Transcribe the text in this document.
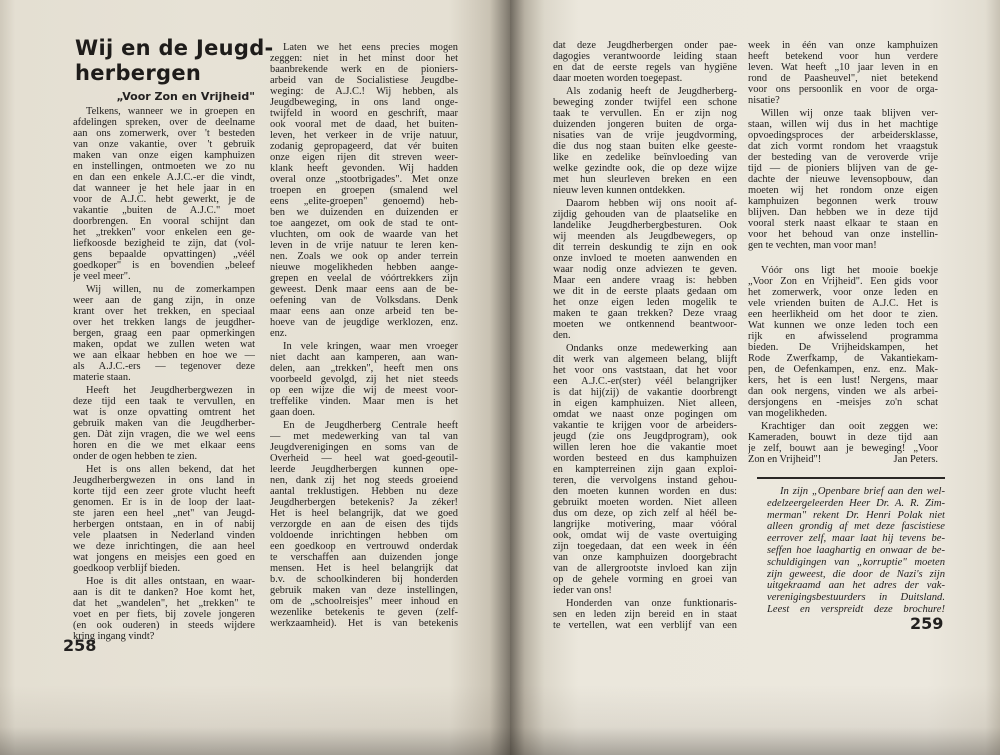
Wij en de Jeugd-
herbergen
„Voor Zon en Vrijheid"
Telkens, wanneer we in groepen en
afdelingen spreken, over de deelname
aan ons zomerwerk, over 't besteden
van onze vakantie, over 't gebruik
maken van onze eigen kamphuizen
en instellingen, ontmoeten we zo nu
en dan een enkele A.J.C.-er die vindt,
dat wanneer je het hele jaar in en
voor de A.J.C. hebt gewerkt, je de
vakantie „buiten de A.J.C." moet
doorbrengen. En vooral schijnt dan
het „trekken" voor enkelen een ge-
liefkoosde bezigheid te zijn, dat (vol-
gens bepaalde opvattingen) „véél
goedkoper" is en bovendien „beleef
je veel meer".
Wij willen, nu de zomerkampen
weer aan de gang zijn, in onze
krant over het trekken, en speciaal
over het trekken langs de jeugdher-
bergen, graag een paar opmerkingen
maken, opdat we zullen weten wat
we aan elkaar hebben en hoe we —
als A.J.C.-ers — tegenover deze
materie staan.
Heeft het Jeugdherbergwezen in
deze tijd een taak te vervullen, en
wat is onze opvatting omtrent het
gebruik maken van die Jeugdherber-
gen. Dàt zijn vragen, die we wel eens
horen en die we met elkaar eens
onder de ogen hebben te zien.
Het is ons allen bekend, dat het
Jeugdherbergwezen in ons land in
korte tijd een zeer grote vlucht heeft
genomen. Er is in de loop der laat-
ste jaren een heel „net" van Jeugd-
herbergen ontstaan, en in of nabij
vele plaatsen in Nederland vinden
we deze inrichtingen, die aan heel
wat jongens en meisjes een goed en
goedkoop verblijf bieden.
Hoe is dit alles ontstaan, en waar-
aan is dit te danken? Hoe komt het,
dat het „wandelen", het „trekken" te
voet en per fiets, bij zovele jongeren
(en ook ouderen) in steeds wijdere
kring ingang vindt?
Laten we het eens precies mogen
zeggen: niet in het minst door het
baanbrekende werk en de pioniers-
arbeid van de Socialistiese Jeugdbe-
weging: de A.J.C.! Wij hebben, als
Jeugdbeweging, in ons land onge-
twijfeld in woord en geschrift, maar
ook vooral met de daad, het buiten-
leven, het verkeer in de vrije natuur,
zodanig gepropageerd, dat vér buiten
onze eigen rijen dit streven weer-
klank heeft gevonden. Wij hadden
overal onze „stootbrigades". Met onze
troepen en groepen (smalend wel
eens „elite-groepen" genoemd) heb-
ben we duizenden en duizenden er
toe aangezet, om ook de stad te ont-
vluchten, om ook de waarde van het
leven in de vrije natuur te leren ken-
nen. Zoals we ook op ander terrein
nieuwe mogelikheden hebben aange-
grepen en veelal de vóórtrekkers zijn
geweest. Denk maar eens aan de be-
oefening van de Volksdans. Denk
maar eens aan onze arbeid ten be-
hoeve van de jeugdige werklozen, enz.
enz.
In vele kringen, waar men vroeger
niet dacht aan kamperen, aan wan-
delen, aan „trekken", heeft men ons
voorbeeld gevolgd, zij het niet steeds
op een wijze die wij de meest voor-
treffelike vinden. Maar men is het
gaan doen.
En de Jeugdherberg Centrale heeft
— met medewerking van tal van
Jeugdverenigingen en soms van de
Overheid — heel wat goed-geoutil-
leerde Jeugdherbergen kunnen ope-
nen, dank zij het nog steeds groeiend
aantal treklustigen. Hebben nu deze
Jeugdherbergen betekenis? Ja zéker!
Het is heel belangrijk, dat we goed
verzorgde en aan de eisen des tijds
voldoende inrichtingen hebben om
een goedkoop en vertrouwd onderdak
te verschaffen aan duizenden jonge
mensen. Het is heel belangrijk dat
b.v. de schoolkinderen bij honderden
gebruik maken van deze instellingen,
om de „schoolreisjes" meer inhoud en
wezenlike betekenis te geven (zelf-
werkzaamheid). Het is van betekenis
dat deze Jeugdherbergen onder pae-
dagogies verantwoorde leiding staan
en dat de eerste regels van hygiëne
daar moeten worden toegepast.
Als zodanig heeft de Jeugdherberg-
beweging zonder twijfel een schone
taak te vervullen. En er zijn nog
duizenden jongeren buiten de orga-
nisaties van de vrije jeugdvorming,
die dus nog staan buiten elke geeste-
like en zedelike beïnvloeding van
welke gezindte ook, die op deze wijze
met hun sleurleven breken en een
nieuw leven kunnen ontdekken.
Daarom hebben wij ons nooit af-
zijdig gehouden van de plaatselike en
landelike Jeugdherbergbesturen. Ook
wij meenden als Jeugdbewegers, op
dit terrein deskundig te zijn en ook
onze invloed te moeten aanwenden en
waar nodig onze adviezen te geven.
Maar een andere vraag is: hebben
we dit in de eerste plaats gedaan om
het onze eigen leden mogelik te
maken te gaan trekken? Deze vraag
moeten we ontkennend beantwoor-
den.
Ondanks onze medewerking aan
dit werk van algemeen belang, blijft
het voor ons vaststaan, dat het voor
een A.J.C.-er(ster) véél belangrijker
is dat hij(zij) de vakantie doorbrengt
in eigen kamphuizen. Niet alleen,
omdat we naast onze pogingen om
vakantie te krijgen voor de arbeiders-
jeugd (zie ons Jeugdprogram), ook
willen leren hoe die vakantie moet
worden besteed en dus kamphuizen
en kampterreinen zijn gaan exploi-
teren, die vervolgens instand gehou-
den moeten kunnen worden en dus:
gebruikt moeten worden. Niet alleen
dus om deze, op zich zelf al héél be-
langrijke motivering, maar vóóral
ook, omdat wij de vaste overtuiging
zijn toegedaan, dat een week in één
van onze kamphuizen doorgebracht
van de allergrootste invloed kan zijn
op de gehele vorming en groei van
ieder van ons!
Honderden van onze funktionaris-
sen en leden zijn bereid en in staat
te vertellen, wat een verblijf van een
week in één van onze kamphuizen
heeft betekend voor hun verdere
leven. Wat heeft „10 jaar leven in en
rond de Paasheuvel", niet betekend
voor ons persoonlik en voor de orga-
nisatie?
Willen wij onze taak blijven ver-
staan, willen wij dus in het machtige
opvoedingsproces der arbeidersklasse,
dat zich vormt rondom het vraagstuk
der besteding van de veroverde vrije
tijd — de pioniers blijven van de ge-
dachte der nieuwe levensopbouw, dan
moeten wij het rondom onze eigen
kamphuizen begonnen werk trouw
blijven. Dan hebben we in deze tijd
vooral sterk naast elkaar te staan en
voor het behoud van onze instellin-
gen te vechten, man voor man!
Vóór ons ligt het mooie boekje
„Voor Zon en Vrijheid". Een gids voor
het zomerwerk, voor onze leden en
vele vrienden buiten de A.J.C. Het is
een heerlikheid om het door te zien.
Wat kunnen we onze leden toch een
rijk en afwisselend programma
bieden. De Vrijheidskampen, het
Rode Zwerfkamp, de Vakantiekam-
pen, de Oefenkampen, enz. enz. Mak-
kers, het is een lust! Nergens, maar
dan ook nergens, vinden we als arbei-
dersjongens en -meisjes zo'n schat
van mogelikheden.
Krachtiger dan ooit zeggen we:
Kameraden, bouwt in deze tijd aan
je zelf, bouwt aan je beweging! „Voor
Zon en Vrijheid"!	Jan Peters.
In zijn „Openbare brief aan den wel-
edelzeergeleerden Heer Dr. A. R. Zim-
merman" rekent Dr. Henri Polak niet
alleen grondig af met deze fascistiese
eerrover zelf, maar laat hij tevens be-
seffen hoe laaghartig en onwaar de be-
schuldigingen van „korruptie" moeten
zijn geweest, die door de Nazi's zijn
uitgekraamd aan het adres der vak-
verenigingsbestuurders in Duitsland.
Leest en verspreidt deze brochure!
258
259
